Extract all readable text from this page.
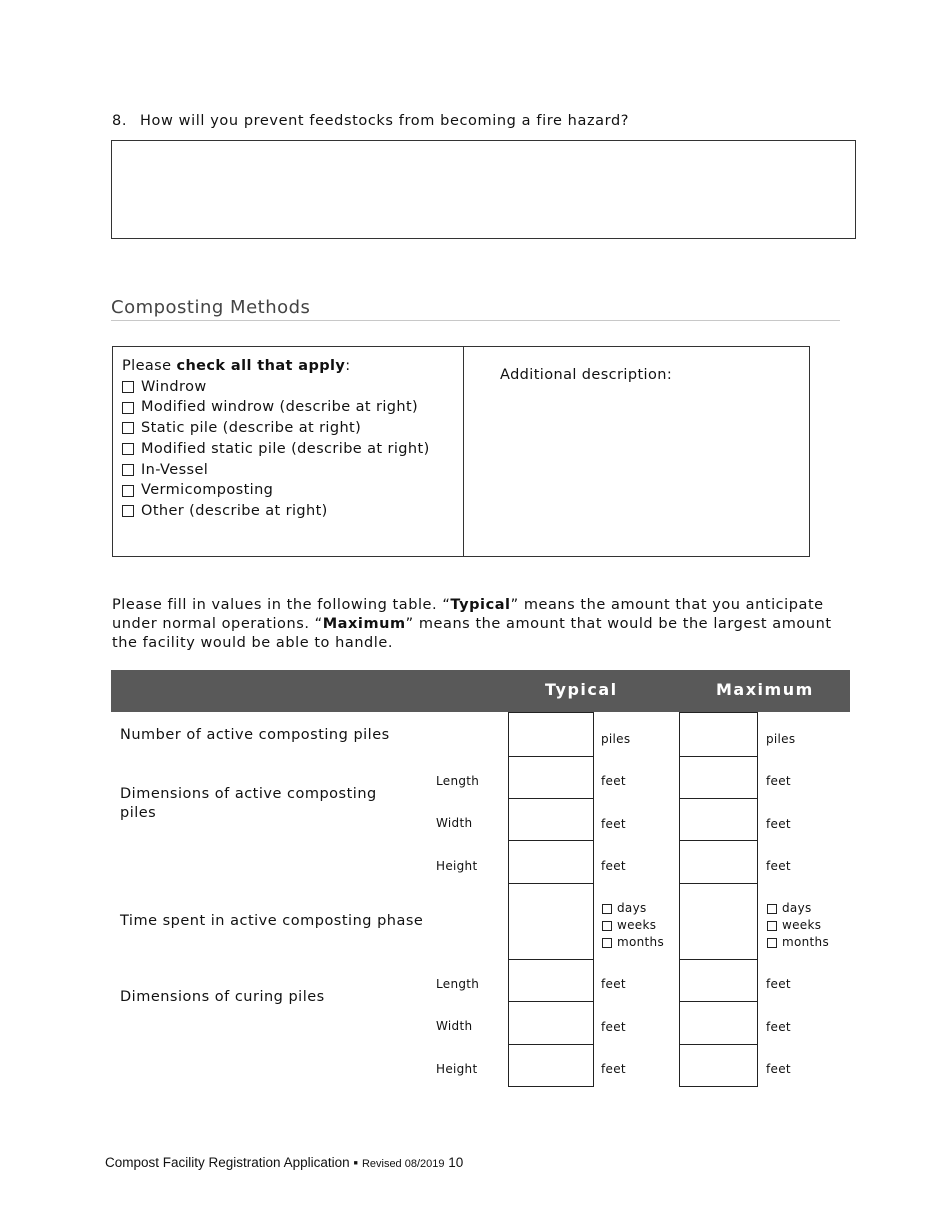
8. How will you prevent feedstocks from becoming a fire hazard?
Composting Methods
Please check all that apply:
Windrow
Modified windrow (describe at right)
Static pile (describe at right)
Modified static pile (describe at right)
In-Vessel
Vermicomposting
Other (describe at right)
Additional description:
Please fill in values in the following table. “Typical” means the amount that you anticipate under normal operations. “Maximum” means the amount that would be the largest amount the facility would be able to handle.
Typical	Maximum
Number of active composting piles
Dimensions of active composting piles
Time spent in active composting phase
Dimensions of curing piles
Length
Width
Height
Length
Width
Height
piles
feet
feet
feet
days
weeks
months
feet
feet
feet
piles
feet
feet
feet
days
weeks
months
feet
feet
feet
Compost Facility Registration Application ▪ Revised 08/2019 10
